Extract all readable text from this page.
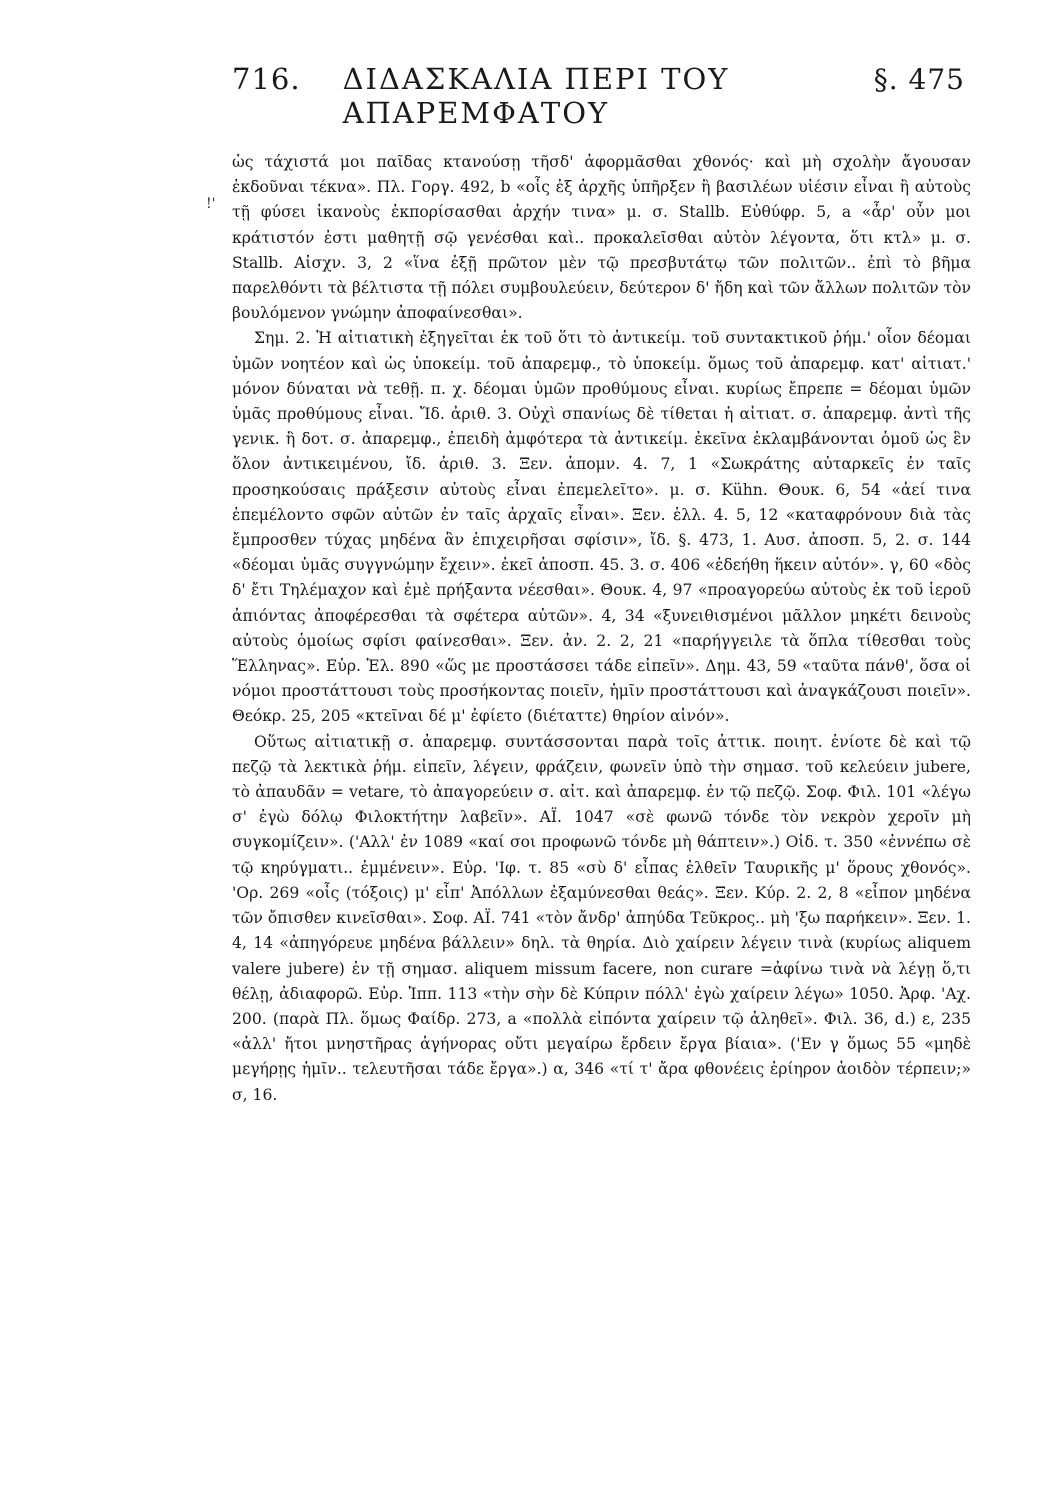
716.	ΔΙΔΑΣΚΑΛΙΑ ΠΕΡΙ ΤΟΥ ΑΠΑΡΕΜΦΑΤΟΥ
§. 475
!'

ὡς τάχιστά μοι παῖδας κτανούσῃ τῆσδ' ἀφορμᾶσθαι χθονός· καὶ μὴ σχολὴν ἄγουσαν ἐκδοῦναι τέκνα». Πλ. Γοργ. 492, b «οἷς ἐξ ἀρχῆς ὑπῆρξεν ἢ βασιλέων υἱέσιν εἶναι ἢ αὐτοὺς τῇ φύσει ἱκανοὺς ἐκπορίσασθαι ἀρχήν τινα» μ. σ. Stallb. Εὐθύφρ. 5, a «ἆρ' οὖν μοι κράτιστόν ἐστι μαθητῇ σῷ γενέσθαι καὶ.. προκαλεῖσθαι αὐτὸν λέγοντα, ὅτι κτλ» μ. σ. Stallb. Αἰσχν. 3, 2 «ἵνα ἐξῇ πρῶτον μὲν τῷ πρεσβυτάτῳ τῶν πολιτῶν.. ἐπὶ τὸ βῆμα παρελθόντι τὰ βέλτιστα τῇ πόλει συμβουλεύειν, δεύτερον δ' ἤδη καὶ τῶν ἄλλων πολιτῶν τὸν βουλόμενον γνώμην ἀποφαίνεσθαι».

Σημ. 2. Ἡ αἰτιατικὴ ἐξηγεῖται ἐκ τοῦ ὅτι τὸ ἀντικείμ. τοῦ συντακτικοῦ ῥήμ.' οἷον δέομαι ὑμῶν νοητέον καὶ ὡς ὑποκείμ. τοῦ ἀπαρεμφ., τὸ ὑποκείμ. ὅμως τοῦ ἀπαρεμφ. κατ' αἰτιατ.' μόνον δύναται νὰ τεθῇ. π. χ. δέομαι ὑμῶν προθύμους εἶναι. κυρίως ἔπρεπε = δέομαι ὑμῶν ὑμᾶς προθύμους εἶναι. Ἴδ. ἀριθ. 3. Οὐχὶ σπανίως δὲ τίθεται ἡ αἰτιατ. σ. ἀπαρεμφ. ἀντὶ τῆς γενικ. ἢ δοτ. σ. ἀπαρεμφ., ἐπειδὴ ἀμφότερα τὰ ἀντικείμ. ἐκεῖνα ἐκλαμβάνονται ὁμοῦ ὡς ἓν ὅλον ἀντικειμένου, ἴδ. ἀριθ. 3. Ξεν. ἀπομν. 4. 7, 1 «Σωκράτης αὐταρκεῖς ἐν ταῖς προσηκούσαις πράξεσιν αὐτοὺς εἶναι ἐπεμελεῖτο». μ. σ. Kühn. Θουκ. 6, 54 «ἀεί τινα ἐπεμέλοντο σφῶν αὐτῶν ἐν ταῖς ἀρχαῖς εἶναι». Ξεν. ἑλλ. 4. 5, 12 «καταφρόνουν διὰ τὰς ἔμπροσθεν τύχας μηδένα ἂν ἐπιχειρῆσαι σφίσιν», ἴδ. §. 473, 1. Αυσ. ἀποσπ. 5, 2. σ. 144 «δέομαι ὑμᾶς συγγνώμην ἔχειν». ἐκεῖ ἀποσπ. 45. 3. σ. 406 «ἐδεήθη ἥκειν αὐτόν». γ, 60 «δὸς δ' ἔτι Τηλέμαχον καὶ ἐμὲ πρήξαντα νέεσθαι». Θουκ. 4, 97 «προαγορεύω αὐτοὺς ἐκ τοῦ ἱεροῦ ἀπιόντας ἀποφέρεσθαι τὰ σφέτερα αὐτῶν». 4, 34 «ξυνειθισμένοι μᾶλλον μηκέτι δεινοὺς αὐτοὺς ὁμοίως σφίσι φαίνεσθαι». Ξεν. ἀν. 2. 2, 21 «παρήγγειλε τὰ ὅπλα τίθεσθαι τοὺς Ἕλληνας». Εὐρ. Ἑλ. 890 «ὥς με προστάσσει τάδε εἰπεῖν». Δημ. 43, 59 «ταῦτα πάνθ', ὅσα οἱ νόμοι προστάττουσι τοὺς προσήκοντας ποιεῖν, ἡμῖν προστάττουσι καὶ ἀναγκάζουσι ποιεῖν». Θεόκρ. 25, 205 «κτεῖναι δέ μ' ἐφίετο (διέταττε) θηρίον αἰνόν».

Οὕτως αἰτιατικῇ σ. ἀπαρεμφ. συντάσσονται παρὰ τοῖς ἀττικ. ποιητ. ἐνίοτε δὲ καὶ τῷ πεζῷ τὰ λεκτικὰ ῥήμ. εἰπεῖν, λέγειν, φράζειν, φωνεῖν ὑπὸ τὴν σημασ. τοῦ κελεύειν jubere, τὸ ἀπαυδᾶν = vetare, τὸ ἀπαγορεύειν σ. αἰτ. καὶ ἀπαρεμφ. ἐν τῷ πεζῷ. Σοφ. Φιλ. 101 «λέγω σ' ἐγὼ δόλῳ Φιλοκτήτην λαβεῖν». ΑΪ. 1047 «σὲ φωνῶ τόνδε τὸν νεκρὸν χεροῖν μὴ συγκομίζειν». ('Αλλ' ἐν 1089 «καί σοι προφωνῶ τόνδε μὴ θάπτειν».) Οἰδ. τ. 350 «ἐννέπω σὲ τῷ κηρύγματι.. ἐμμένειν». Εὐρ. 'Ιφ. τ. 85 «σὺ δ' εἶπας ἐλθεῖν Ταυρικῆς μ' ὅρους χθονός». 'Ορ. 269 «οἷς (τόξοις) μ' εἶπ' Ἀπόλλων ἐξαμύνεσθαι θεάς». Ξεν. Κύρ. 2. 2, 8 «εἶπον μηδένα τῶν ὄπισθεν κινεῖσθαι». Σοφ. ΑΪ. 741 «τὸν ἄνδρ' ἀπηύδα Τεῦκρος.. μὴ 'ξω παρήκειν». Ξεν. 1. 4, 14 «ἀπηγόρευε μηδένα βάλλειν» δηλ. τὰ θηρία. Διὸ χαίρειν λέγειν τινὰ (κυρίως aliquem valere jubere) ἐν τῇ σημασ. aliquem missum facere, non curare =ἀφίνω τινὰ νὰ λέγῃ ὅ,τι θέλῃ, ἀδιαφορῶ. Εὐρ. Ἱππ. 113 «τὴν σὴν δὲ Κύπριν πόλλ' ἐγὼ χαίρειν λέγω» 1050. Ἀρφ. 'Αχ. 200. (παρὰ Πλ. ὅμως Φαίδρ. 273, a «πολλὰ εἰπόντα χαίρειν τῷ ἀληθεῖ». Φιλ. 36, d.) ε, 235 «ἀλλ' ἤτοι μνηστῆρας ἀγήνορας οὔτι μεγαίρω ἔρδειν ἔργα βίαια». ('Εν γ ὅμως 55 «μηδὲ μεγήρῃς ἡμῖν.. τελευτῆσαι τάδε ἔργα».) α, 346 «τί τ' ἄρα φθονέεις ἐρίηρον ἀοιδὸν τέρπειν;» σ, 16.
